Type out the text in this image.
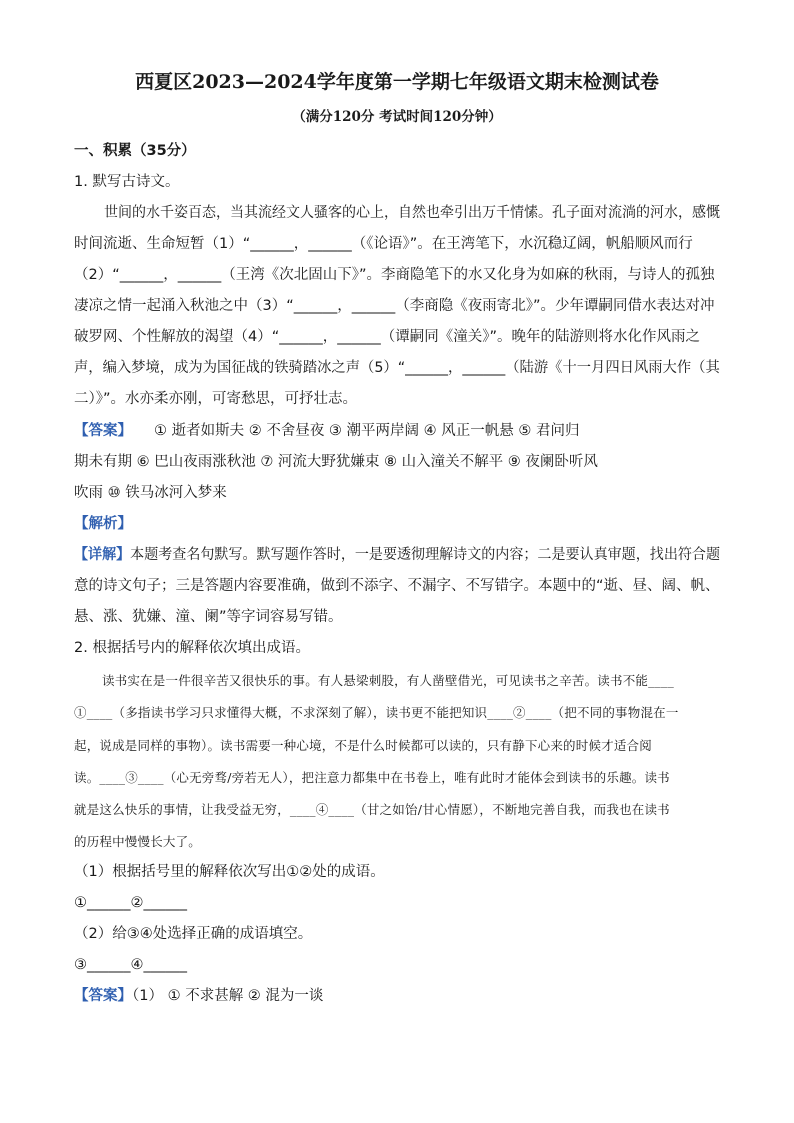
西夏区2023—2024学年度第一学期七年级语文期末检测试卷
（满分120分 考试时间120分钟）
一、积累（35分）
1. 默写古诗文。
世间的水千姿百态，当其流经文人骚客的心上，自然也牵引出万千情愫。孔子面对流淌的河水，感慨
时间流逝、生命短暂（1）“______，______（《论语》”。在王湾笔下，水沉稳辽阔，帆船顺风而行
（2）“______，______（王湾《次北固山下》”。李商隐笔下的水又化身为如麻的秋雨，与诗人的孤独
凄凉之情一起涌入秋池之中（3）“______，______（李商隐《夜雨寄北》”。少年谭嗣同借水表达对冲
破罗网、个性解放的渴望（4）“______，______（谭嗣同《潼关》”。晚年的陆游则将水化作风雨之
声，编入梦境，成为为国征战的铁骑踏冰之声（5）“______，______（陆游《十一月四日风雨大作（其
二）》”。水亦柔亦刚，可寄愁思，可抒壮志。
【答案】 ① 逝者如斯夫 ② 不舍昼夜 ③ 潮平两岸阔 ④ 风正一帆悬 ⑤ 君问归
期未有期 ⑥ 巴山夜雨涨秋池 ⑦ 河流大野犹嫌束 ⑧ 山入潼关不解平 ⑨ 夜阑卧听风
吹雨 ⑩ 铁马冰河入梦来
【解析】
【详解】本题考查名句默写。默写题作答时，一是要透彻理解诗文的内容；二是要认真审题，找出符合题
意的诗文句子；三是答题内容要准确，做到不添字、不漏字、不写错字。本题中的“逝、昼、阔、帆、
悬、涨、犹嫌、潼、阑”等字词容易写错。
2. 根据括号内的解释依次填出成语。
读书实在是一件很辛苦又很快乐的事。有人悬梁刺股，有人凿壁借光，可见读书之辛苦。读书不能____
①____（多指读书学习只求懂得大概，不求深刻了解），读书更不能把知识____②____（把不同的事物混在一
起，说成是同样的事物）。读书需要一种心境，不是什么时候都可以读的，只有静下心来的时候才适合阅
读。____③____（心无旁骛/旁若无人），把注意力都集中在书卷上，唯有此时才能体会到读书的乐趣。读书
就是这么快乐的事情，让我受益无穷，____④____（甘之如饴/甘心情愿），不断地完善自我，而我也在读书
的历程中慢慢长大了。
（1）根据括号里的解释依次写出①②处的成语。
①______②______
（2）给③④处选择正确的成语填空。
③______④______
【答案】（1） ① 不求甚解 ② 混为一谈
